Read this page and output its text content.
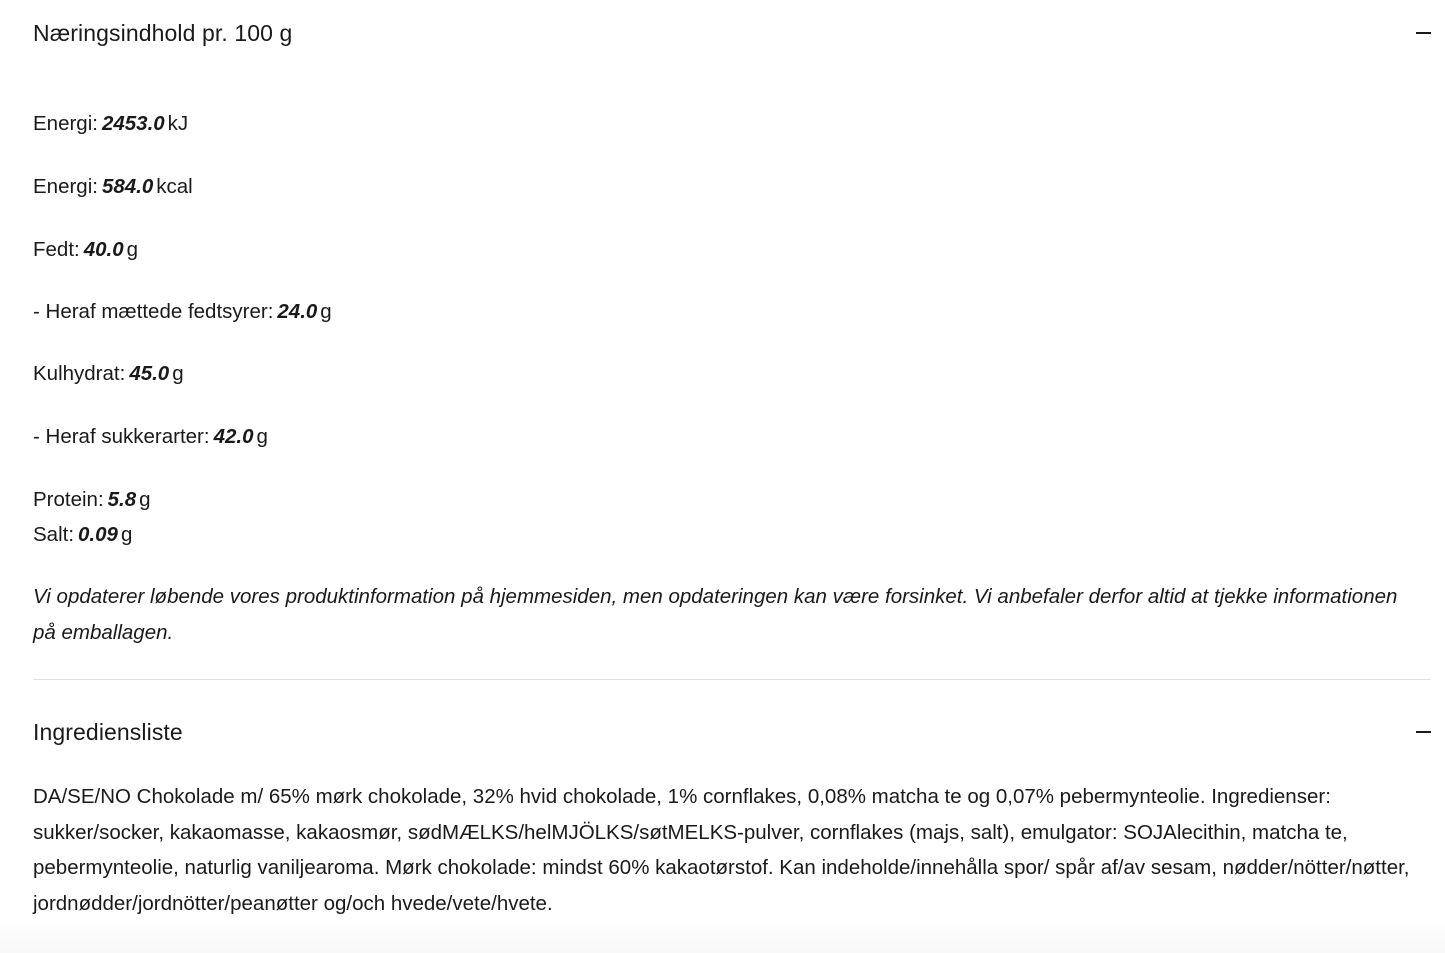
Næringsindhold pr. 100 g
Energi: 2453.0 kJ
Energi: 584.0 kcal
Fedt: 40.0 g
- Heraf mættede fedtsyrer: 24.0 g
Kulhydrat: 45.0 g
- Heraf sukkerarter: 42.0 g
Protein: 5.8 g
Salt: 0.09 g
Vi opdaterer løbende vores produktinformation på hjemmesiden, men opdateringen kan være forsinket. Vi anbefaler derfor altid at tjekke informationen på emballagen.
Ingrediensliste
DA/SE/NO Chokolade m/ 65% mørk chokolade, 32% hvid chokolade, 1% cornflakes, 0,08% matcha te og 0,07% pebermynteolie. Ingredienser: sukker/socker, kakaomasse, kakaosmør, sødMÆLKS/helMJÖLKS/søtMELKS-pulver, cornflakes (majs, salt), emulgator: SOJAlecithin, matcha te, pebermynteolie, naturlig vaniljearoma. Mørk chokolade: mindst 60% kakaotørstof. Kan indeholde/innehålla spor/ spår af/av sesam, nødder/nötter/nøtter, jordnødder/jordnötter/peanøtter og/och hvede/vete/hvete.
